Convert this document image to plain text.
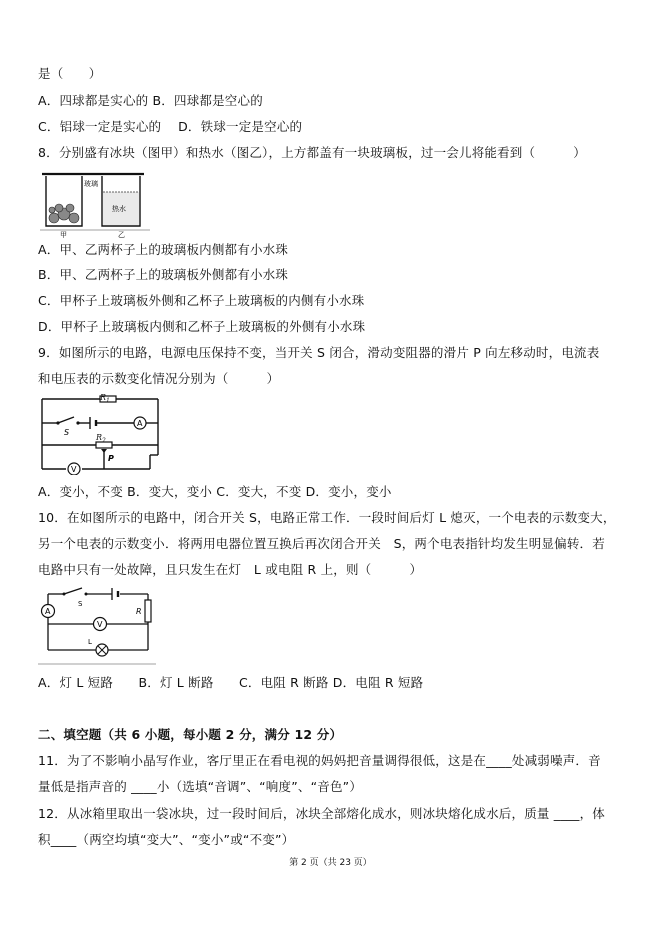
是（　　）
A．四球都是实心的 B．四球都是空心的
C．铝球一定是实心的　 D．铁球一定是空心的
8．分别盛有冰块（图甲）和热水（图乙），上方都盖有一块玻璃板，过一会儿将能看到（　　　）
玻璃
热水
甲	乙
A．甲、乙两杯子上的玻璃板内侧都有小水珠
B．甲、乙两杯子上的玻璃板外侧都有小水珠
C．甲杯子上玻璃板外侧和乙杯子上玻璃板的内侧有小水珠
D．甲杯子上玻璃板内侧和乙杯子上玻璃板的外侧有小水珠
9．如图所示的电路，电源电压保持不变，当开关 S 闭合，滑动变阻器的滑片 P 向左移动时，电流表
和电压表的示数变化情况分别为（　　　）
A
V
S
P
$R_1$
$R_2$
A．变小，不变 B．变大，变小 C．变大，不变 D．变小，变小
10．在如图所示的电路中，闭合开关 S，电路正常工作．一段时间后灯 L 熄灭，一个电表的示数变大，
另一个电表的示数变小．将两用电器位置互换后再次闭合开关　S，两个电表指针均发生明显偏转．若
电路中只有一处故障，且只发生在灯　L 或电阻 R 上，则（　　　）
R
A
V
L
S
A．灯 L 短路　　B．灯 L 断路　　C．电阻 R 断路 D．电阻 R 短路
二、填空题（共 6 小题，每小题 2 分，满分 12 分）
11．为了不影响小晶写作业，客厅里正在看电视的妈妈把音量调得很低，这是在____处减弱噪声．音
量低是指声音的 ____小（选填“音调”、“响度”、“音色”）
12．从冰箱里取出一袋冰块，过一段时间后，冰块全部熔化成水，则冰块熔化成水后，质量 ____，体
积____（两空均填“变大”、“变小”或“不变”）
第 2 页（共 23 页）
